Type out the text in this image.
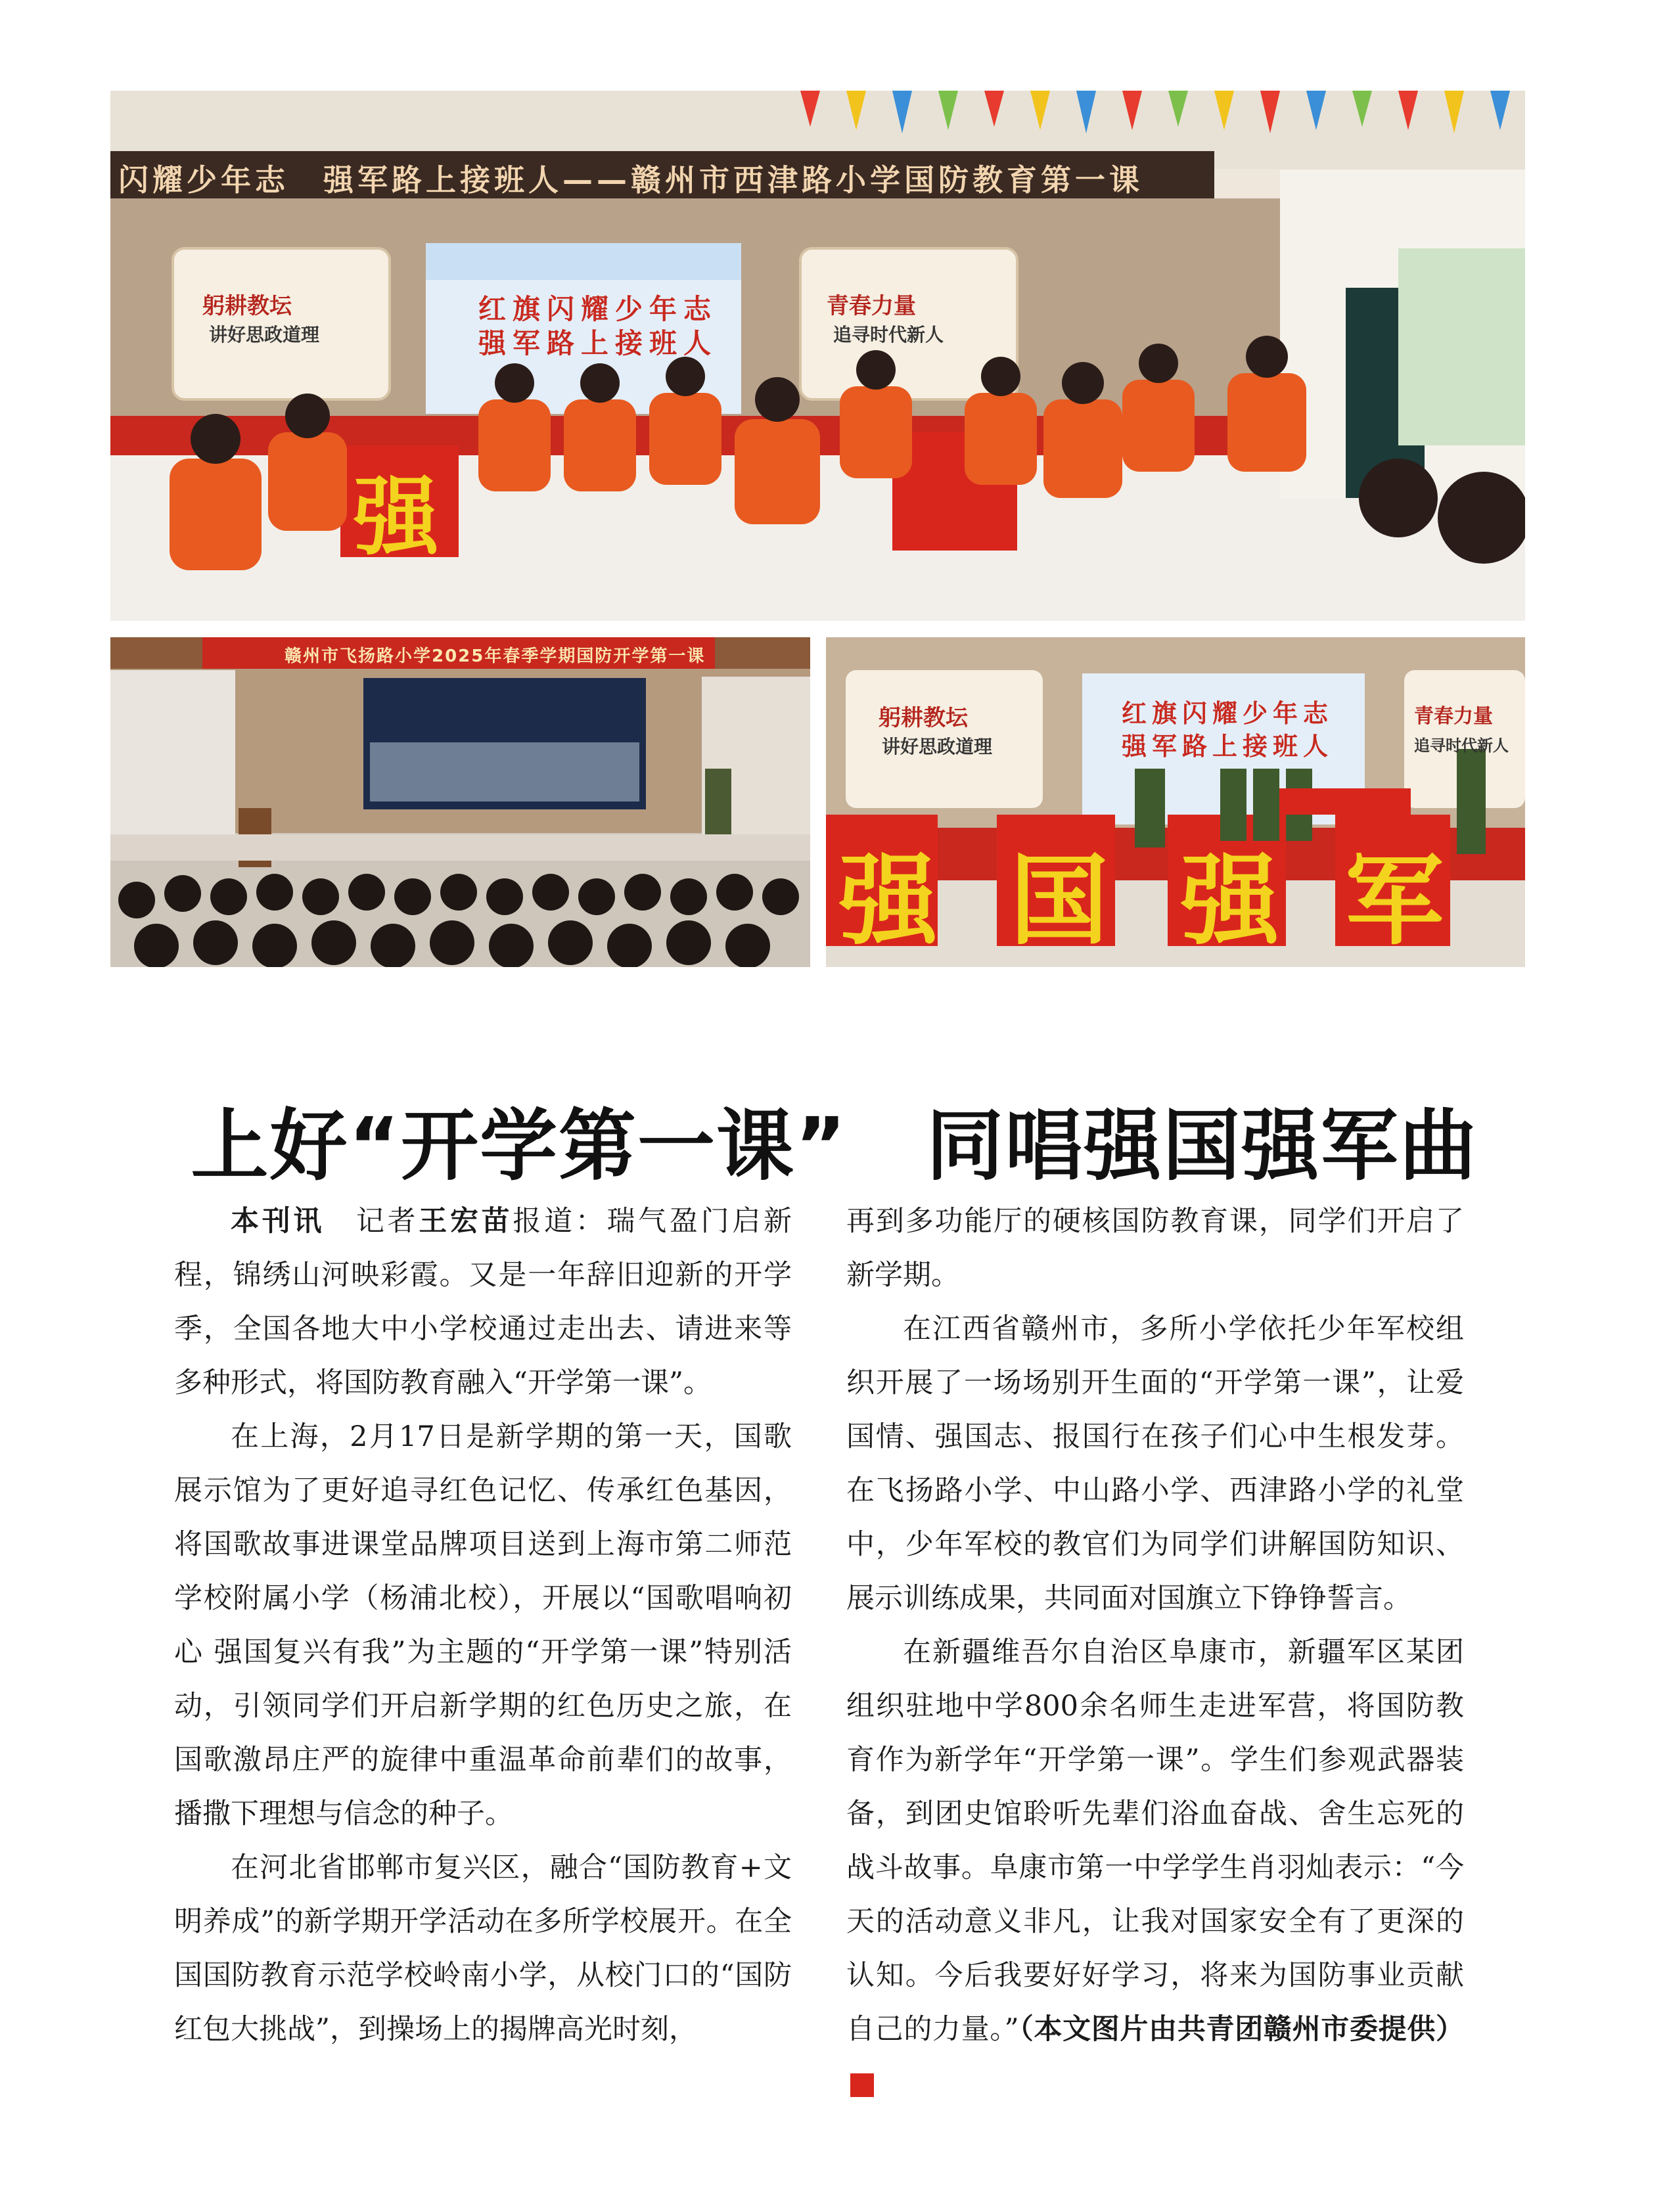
闪耀少年志　强军路上接班人——赣州市西津路小学国防教育第一课
红旗闪耀少年志
强军路上接班人
躬耕教坛
讲好思政道理
青春力量
追寻时代新人
强
赣州市飞扬路小学2025年春季学期国防开学第一课
红旗闪耀少年志
强军路上接班人
躬耕教坛
讲好思政道理
青春力量
追寻时代新人
强 国 强 军
上好“开学第一课”　同唱强国强军曲

本刊讯　 记者王宏苗报道：瑞气盈门启新程，锦绣山河映彩霞。又是一年辞旧迎新的开学季，全国各地大中小学校通过走出去、请进来等多种形式，将国防教育融入“开学第一课”。

在上海，2月17日是新学期的第一天，国歌展示馆为了更好追寻红色记忆、传承红色基因，将国歌故事进课堂品牌项目送到上海市第二师范学校附属小学（杨浦北校），开展以“国歌唱响初心 强国复兴有我”为主题的“开学第一课”特别活动，引领同学们开启新学期的红色历史之旅，在国歌激昂庄严的旋律中重温革命前辈们的故事，播撒下理想与信念的种子。

在河北省邯郸市复兴区，融合“国防教育+文明养成”的新学期开学活动在多所学校展开。在全国国防教育示范学校岭南小学，从校门口的“国防红包大挑战”，到操场上的揭牌高光时刻，

再到多功能厅的硬核国防教育课，同学们开启了新学期。

在江西省赣州市，多所小学依托少年军校组织开展了一场场别开生面的“开学第一课”，让爱国情、强国志、报国行在孩子们心中生根发芽。在飞扬路小学、中山路小学、西津路小学的礼堂中，少年军校的教官们为同学们讲解国防知识、展示训练成果，共同面对国旗立下铮铮誓言。

在新疆维吾尔自治区阜康市，新疆军区某团组织驻地中学800余名师生走进军营，将国防教育作为新学年“开学第一课”。学生们参观武器装备，到团史馆聆听先辈们浴血奋战、舍生忘死的战斗故事。阜康市第一中学学生肖羽灿表示：“今天的活动意义非凡，让我对国家安全有了更深的认知。今后我要好好学习，将来为国防事业贡献自己的力量。”（本文图片由共青团赣州市委提供）G
